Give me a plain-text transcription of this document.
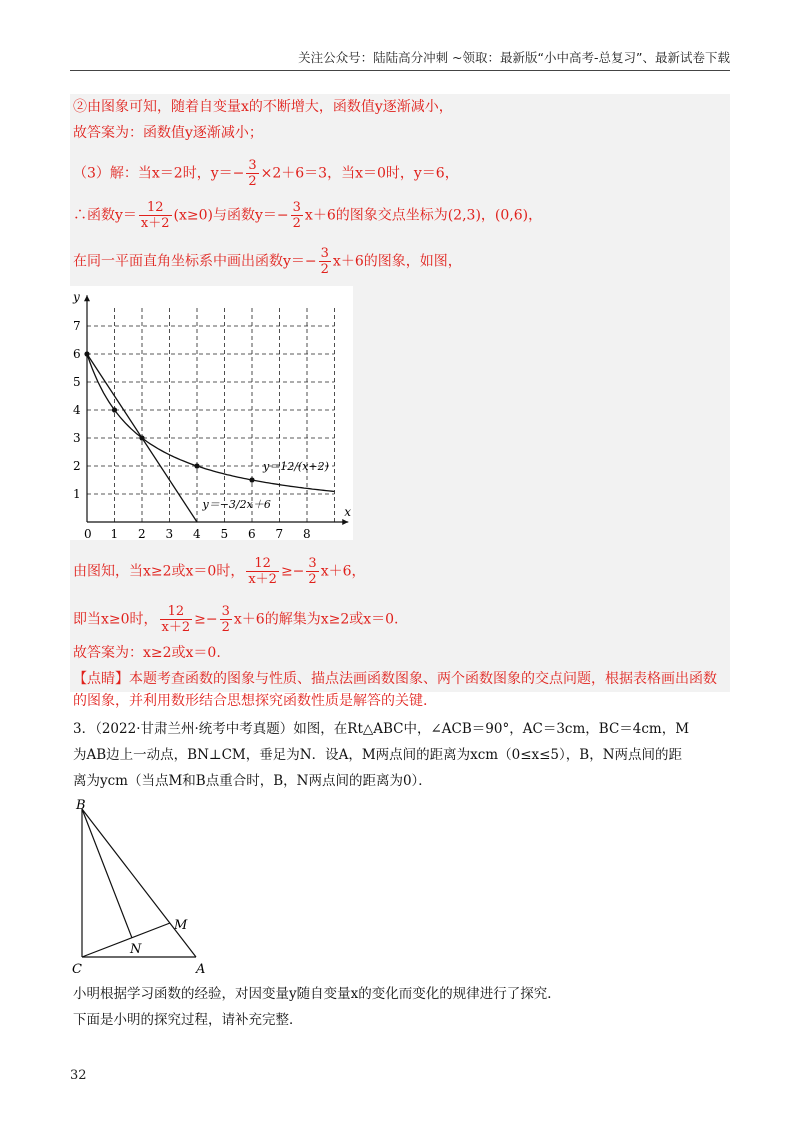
关注公众号：陆陆高分冲刺 ~领取：最新版“小中高考-总复习”、最新试卷下载
②由图象可知，随着自变量x的不断增大，函数值y逐渐减小，
故答案为：函数值y逐渐减小；
（3）解：当x＝2时，$y=- \frac{3}{2} \times 2+6=3$，当x＝0时，y＝6，
∴函数$y= \frac{12}{x+2} (x\ge 0)$与函数$y=- \frac{3}{2} x+6$的图象交点坐标为(2,3)，(0,6)，
在同一平面直角坐标系中画出函数$y=- \frac{3}{2} x+6$的图象，如图，
0 1 2 3 4 5 6 7 8
1
2
3
4
5
6
7
x
y
y＝12/(x+2)
y＝−3/2x＋6
由图知，当x≥2或x＝0时， $\frac{12}{x+2} \ge- \frac{3}{2} x+6$，
即当x≥0时， $\frac{12}{x+2} \ge- \frac{3}{2} x+6$的解集为x≥2或x＝0.
故答案为：x≥2或x＝0.
【点睛】本题考查函数的图象与性质、描点法画函数图象、两个函数图象的交点问题，根据表格画出函数
的图象，并利用数形结合思想探究函数性质是解答的关键.
3．（2022·甘肃兰州·统考中考真题）如图，在Rt△ABC中，∠ACB＝90°，AC＝3cm，BC＝4cm，M
为AB边上一动点，BN⊥CM，垂足为N．设A，M两点间的距离为xcm（0≤x≤5），B，N两点间的距
离为ycm（当点M和B点重合时，B，N两点间的距离为0）．
B
C	A
M
N
小明根据学习函数的经验，对因变量y随自变量x的变化而变化的规律进行了探究．
下面是小明的探究过程，请补充完整．
32
